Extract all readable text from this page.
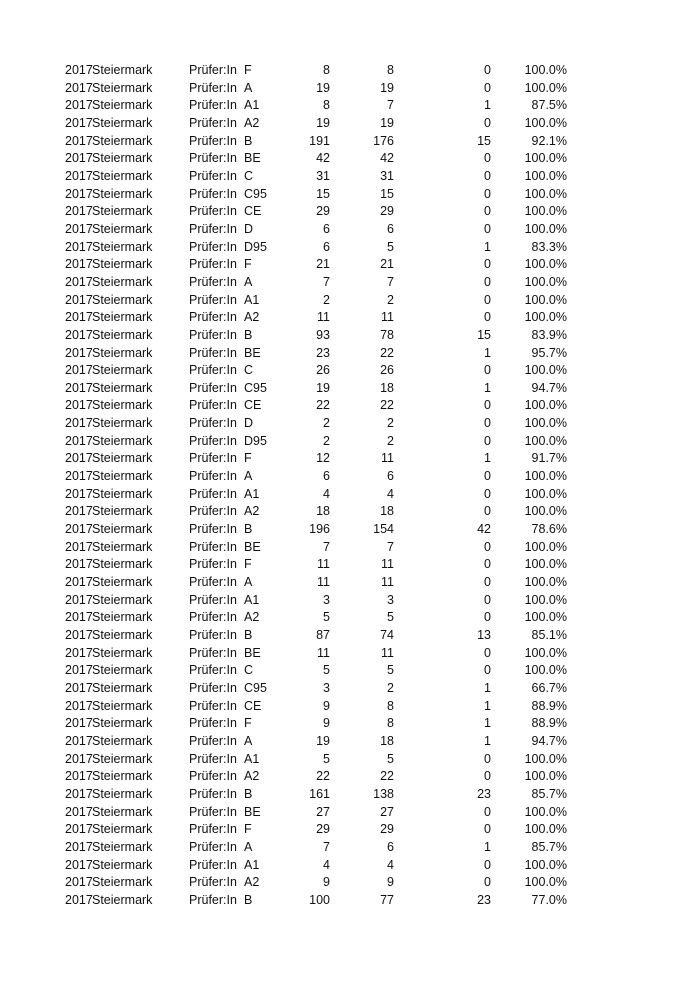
2017 Steiermark	Prüfer:In F	8	8	0	100.0%
2017 Steiermark	Prüfer:In A	19	19	0	100.0%
2017 Steiermark	Prüfer:In A1	8	7	1	87.5%
2017 Steiermark	Prüfer:In A2	19	19	0	100.0%
2017 Steiermark	Prüfer:In B	191	176	15	92.1%
2017 Steiermark	Prüfer:In BE	42	42	0	100.0%
2017 Steiermark	Prüfer:In C	31	31	0	100.0%
2017 Steiermark	Prüfer:In C95	15	15	0	100.0%
2017 Steiermark	Prüfer:In CE	29	29	0	100.0%
2017 Steiermark	Prüfer:In D	6	6	0	100.0%
2017 Steiermark	Prüfer:In D95	6	5	1	83.3%
2017 Steiermark	Prüfer:In F	21	21	0	100.0%
2017 Steiermark	Prüfer:In A	7	7	0	100.0%
2017 Steiermark	Prüfer:In A1	2	2	0	100.0%
2017 Steiermark	Prüfer:In A2	11	11	0	100.0%
2017 Steiermark	Prüfer:In B	93	78	15	83.9%
2017 Steiermark	Prüfer:In BE	23	22	1	95.7%
2017 Steiermark	Prüfer:In C	26	26	0	100.0%
2017 Steiermark	Prüfer:In C95	19	18	1	94.7%
2017 Steiermark	Prüfer:In CE	22	22	0	100.0%
2017 Steiermark	Prüfer:In D	2	2	0	100.0%
2017 Steiermark	Prüfer:In D95	2	2	0	100.0%
2017 Steiermark	Prüfer:In F	12	11	1	91.7%
2017 Steiermark	Prüfer:In A	6	6	0	100.0%
2017 Steiermark	Prüfer:In A1	4	4	0	100.0%
2017 Steiermark	Prüfer:In A2	18	18	0	100.0%
2017 Steiermark	Prüfer:In B	196	154	42	78.6%
2017 Steiermark	Prüfer:In BE	7	7	0	100.0%
2017 Steiermark	Prüfer:In F	11	11	0	100.0%
2017 Steiermark	Prüfer:In A	11	11	0	100.0%
2017 Steiermark	Prüfer:In A1	3	3	0	100.0%
2017 Steiermark	Prüfer:In A2	5	5	0	100.0%
2017 Steiermark	Prüfer:In B	87	74	13	85.1%
2017 Steiermark	Prüfer:In BE	11	11	0	100.0%
2017 Steiermark	Prüfer:In C	5	5	0	100.0%
2017 Steiermark	Prüfer:In C95	3	2	1	66.7%
2017 Steiermark	Prüfer:In CE	9	8	1	88.9%
2017 Steiermark	Prüfer:In F	9	8	1	88.9%
2017 Steiermark	Prüfer:In A	19	18	1	94.7%
2017 Steiermark	Prüfer:In A1	5	5	0	100.0%
2017 Steiermark	Prüfer:In A2	22	22	0	100.0%
2017 Steiermark	Prüfer:In B	161	138	23	85.7%
2017 Steiermark	Prüfer:In BE	27	27	0	100.0%
2017 Steiermark	Prüfer:In F	29	29	0	100.0%
2017 Steiermark	Prüfer:In A	7	6	1	85.7%
2017 Steiermark	Prüfer:In A1	4	4	0	100.0%
2017 Steiermark	Prüfer:In A2	9	9	0	100.0%
2017 Steiermark	Prüfer:In B	100	77	23	77.0%
